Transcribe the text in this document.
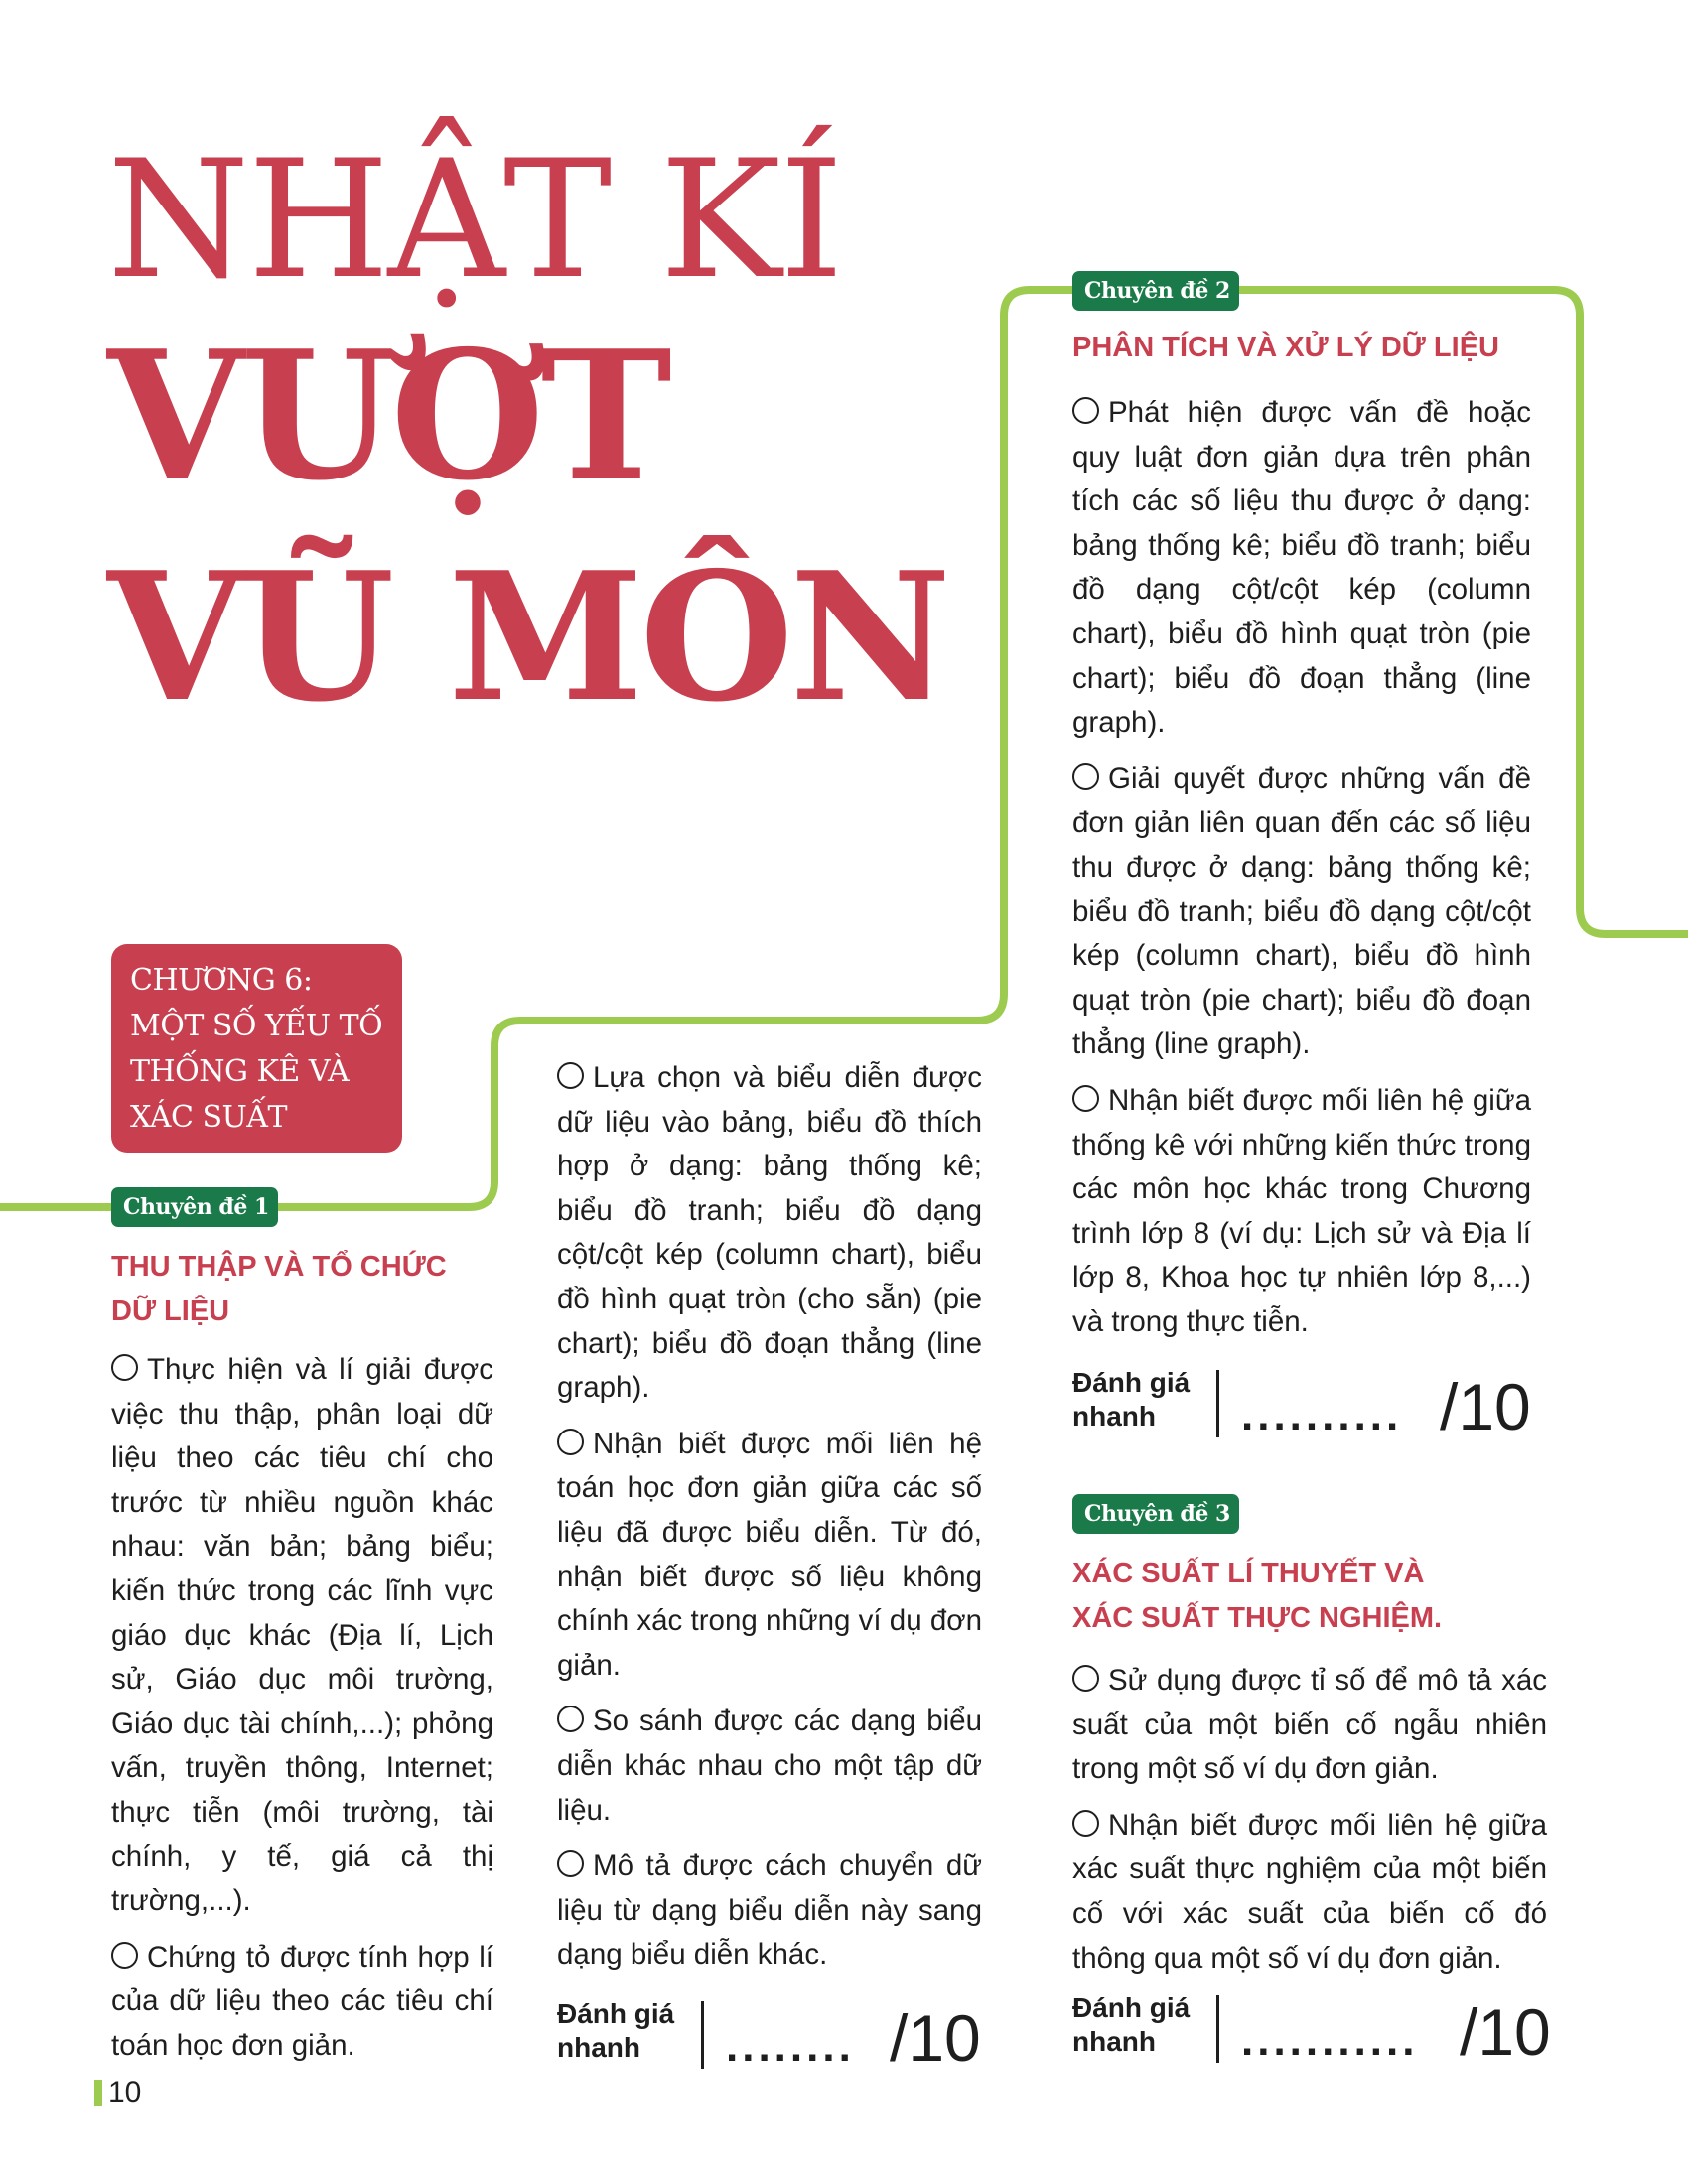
NHẬT KÍ
VƯỢT
VŨ MÔN
CHƯƠNG 6:
MỘT SỐ YẾU TỐ
THỐNG KÊ VÀ
XÁC SUẤT
Chuyên đề 1
THU THẬP VÀ TỔ CHỨC
DỮ LIỆU

Thực hiện và lí giải được việc thu thập, phân loại dữ liệu theo các tiêu chí cho trước từ nhiều nguồn khác nhau: văn bản; bảng biểu; kiến thức trong các lĩnh vực giáo dục khác (Địa lí, Lịch sử, Giáo dục môi trường, Giáo dục tài chính,...); phỏng vấn, truyền thông, Internet; thực tiễn (môi trường, tài chính, y tế, giá cả thị trường,...).

Chứng tỏ được tính hợp lí của dữ liệu theo các tiêu chí toán học đơn giản.

Lựa chọn và biểu diễn được dữ liệu vào bảng, biểu đồ thích hợp ở dạng: bảng thống kê; biểu đồ tranh; biểu đồ dạng cột/cột kép (column chart), biểu đồ hình quạt tròn (cho sẵn) (pie chart); biểu đồ đoạn thẳng (line graph).

Nhận biết được mối liên hệ toán học đơn giản giữa các số liệu đã được biểu diễn. Từ đó, nhận biết được số liệu không chính xác trong những ví dụ đơn giản.

So sánh được các dạng biểu diễn khác nhau cho một tập dữ liệu.

Mô tả được cách chuyển dữ liệu từ dạng biểu diễn này sang dạng biểu diễn khác.

Đánh giá
nhanh	........ /10
Chuyên đề 2
PHÂN TÍCH VÀ XỬ LÝ DỮ LIỆU

Phát hiện được vấn đề hoặc quy luật đơn giản dựa trên phân tích các số liệu thu được ở dạng: bảng thống kê; biểu đồ tranh; biểu đồ dạng cột/cột kép (column chart), biểu đồ hình quạt tròn (pie chart); biểu đồ đoạn thẳng (line graph).

Giải quyết được những vấn đề đơn giản liên quan đến các số liệu thu được ở dạng: bảng thống kê; biểu đồ tranh; biểu đồ dạng cột/cột kép (column chart), biểu đồ hình quạt tròn (pie chart); biểu đồ đoạn thẳng (line graph).

Nhận biết được mối liên hệ giữa thống kê với những kiến thức trong các môn học khác trong Chương trình lớp 8 (ví dụ: Lịch sử và Địa lí lớp 8, Khoa học tự nhiên lớp 8,...) và trong thực tiễn.

Đánh giá
nhanh	.......... /10
Chuyên đề 3
XÁC SUẤT LÍ THUYẾT VÀ
XÁC SUẤT THỰC NGHIỆM.

Sử dụng được tỉ số để mô tả xác suất của một biến cố ngẫu nhiên trong một số ví dụ đơn giản.

Nhận biết được mối liên hệ giữa xác suất thực nghiệm của một biến cố với xác suất của biến cố đó thông qua một số ví dụ đơn giản.

Đánh giá
nhanh	........... /10
10
